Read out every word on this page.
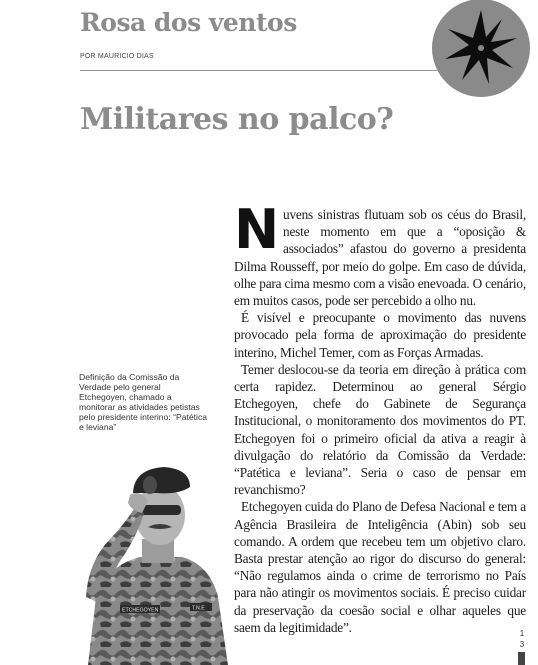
Rosa dos ventos
POR MAURICIO DIAS
Militares no palco?

Nuvens sinistras flutuam sob os céus do Brasil, neste momento em que a “oposição & associados” afastou do governo a presidenta Dilma Rousseff, por meio do golpe. Em caso de dúvida, olhe para cima mesmo com a visão enevoada. O cenário, em muitos casos, pode ser percebido a olho nu.

É visível e preocupante o movimento das nuvens provocado pela forma de aproximação do presidente interino, Michel Temer, com as Forças Armadas.

Temer deslocou-se da teoria em direção à prática com certa rapidez. Determinou ao general Sérgio Etchegoyen, chefe do Gabinete de Segurança Institucional, o monitoramento dos movimentos do PT. Etchegoyen foi o primeiro oficial da ativa a reagir à divulgação do relatório da Comissão da Verdade: “Patética e leviana”. Seria o caso de pensar em revanchismo?

Etchegoyen cuida do Plano de Defesa Nacional e tem a Agência Brasileira de Inteligência (Abin) sob seu comando. A ordem que recebeu tem um objetivo claro. Basta prestar atenção ao rigor do discurso do general: “Não regulamos ainda o crime de terrorismo no País para não atingir os movimentos sociais. É preciso cuidar da preservação da coesão social e olhar aqueles que saem da legitimidade”.

Definição da Comissão da Verdade pelo general Etchegoyen, chamado a monitorar as atividades petistas pelo presidente interino: “Patética e leviana”
ETCHEGOYEN	T.N.E
1
3
